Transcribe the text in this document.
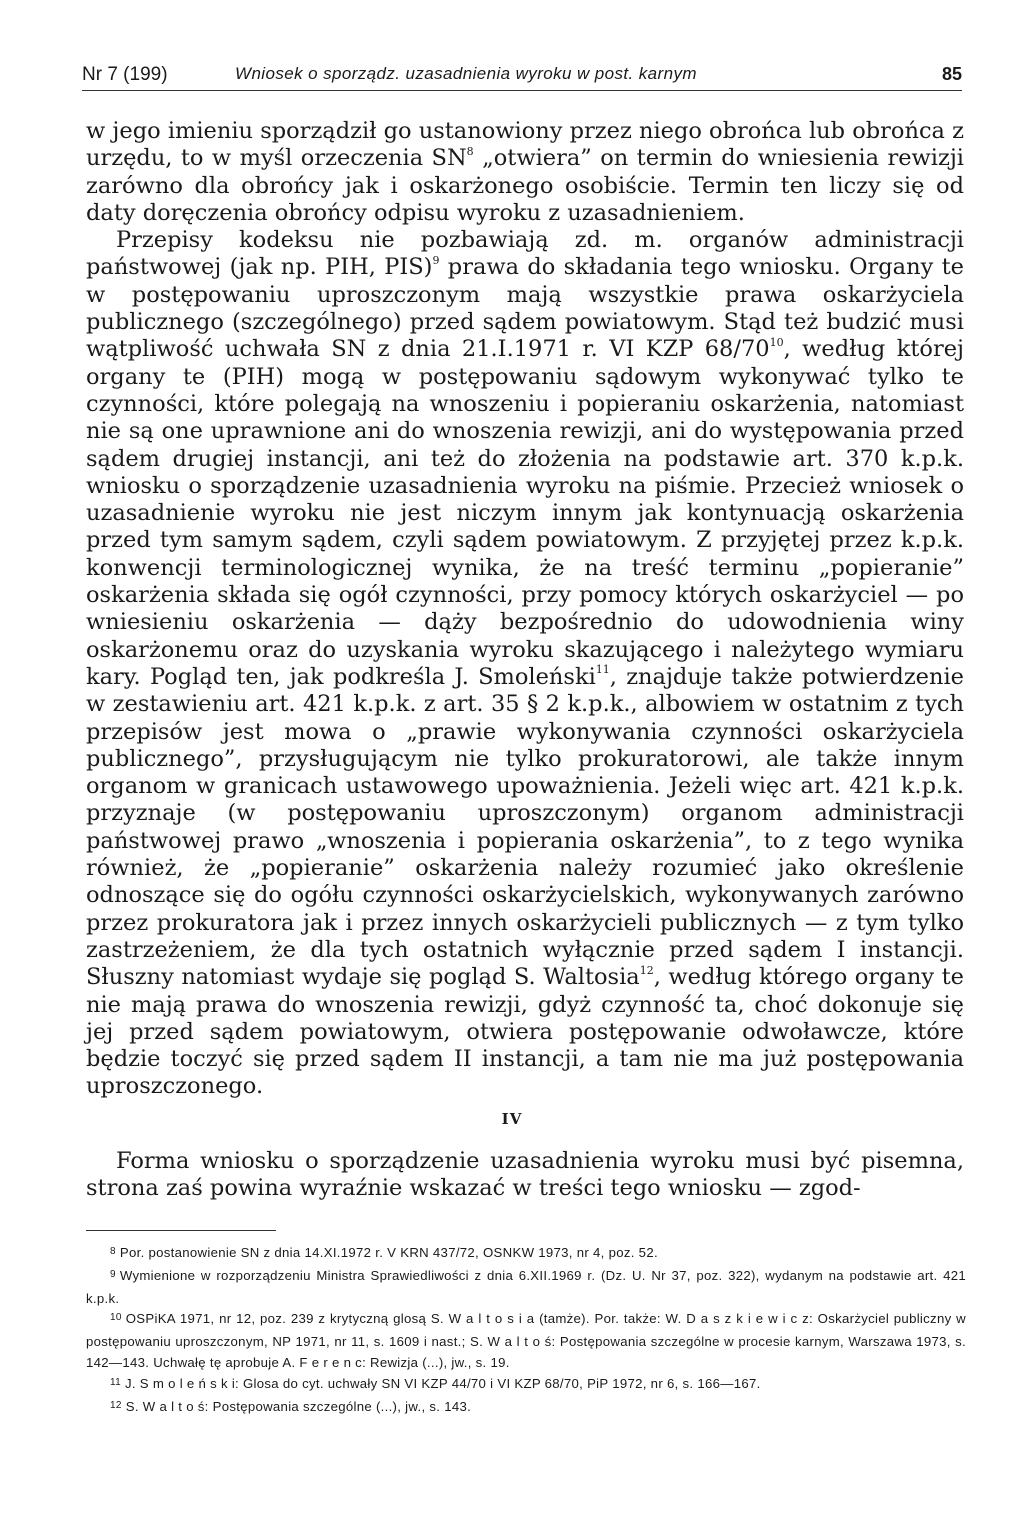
Nr 7 (199)	Wniosek o sporządz. uzasadnienia wyroku w post. karnym	85

w jego imieniu sporządził go ustanowiony przez niego obrońca lub obrońca z urzędu, to w myśl orzeczenia $SN^8$ „otwiera” on termin do wniesienia rewizji zarówno dla obrońcy jak i oskarżonego osobiście. Termin ten liczy się od daty doręczenia obrońcy odpisu wyroku z uzasadnieniem.

Przepisy kodeksu nie pozbawiają zd. m. organów administracji państwowej (jak np. PIH, PIS)$^9$ prawa do składania tego wniosku. Organy te w postępowaniu uproszczonym mają wszystkie prawa oskarżyciela publicznego (szczególnego) przed sądem powiatowym. Stąd też budzić musi wątpliwość uchwała SN z dnia 21.I.1971 r. VI KZP $68/70^{10}$, według której organy te (PIH) mogą w postępowaniu sądowym wykonywać tylko te czynności, które polegają na wnoszeniu i popieraniu oskarżenia, natomiast nie są one uprawnione ani do wnoszenia rewizji, ani do występowania przed sądem drugiej instancji, ani też do złożenia na podstawie art. 370 k.p.k. wniosku o sporządzenie uzasadnienia wyroku na piśmie. Przecież wniosek o uzasadnienie wyroku nie jest niczym innym jak kontynuacją oskarżenia przed tym samym sądem, czyli sądem powiatowym. Z przyjętej przez k.p.k. konwencji terminologicznej wynika, że na treść terminu „popieranie” oskarżenia składa się ogół czynności, przy pomocy których oskarżyciel — po wniesieniu oskarżenia — dąży bezpośrednio do udowodnienia winy oskarżonemu oraz do uzyskania wyroku skazującego i należytego wymiaru kary. Pogląd ten, jak podkreśla J. Smoleński$^{11}$, znajduje także potwierdzenie w zestawieniu art. 421 k.p.k. z art. 35 § 2 k.p.k., albowiem w ostatnim z tych przepisów jest mowa o „prawie wykonywania czynności oskarżyciela publicznego”, przysługującym nie tylko prokuratorowi, ale także innym organom w granicach ustawowego upoważnienia. Jeżeli więc art. 421 k.p.k. przyznaje (w postępowaniu uproszczonym) organom administracji państwowej prawo „wnoszenia i popierania oskarżenia”, to z tego wynika również, że „popieranie” oskarżenia należy rozumieć jako określenie odnoszące się do ogółu czynności oskarżycielskich, wykonywanych zarówno przez prokuratora jak i przez innych oskarżycieli publicznych — z tym tylko zastrzeżeniem, że dla tych ostatnich wyłącznie przed sądem I instancji. Słuszny natomiast wydaje się pogląd S. Waltosia$^{12}$, według którego organy te nie mają prawa do wnoszenia rewizji, gdyż czynność ta, choć dokonuje się jej przed sądem powiatowym, otwiera postępowanie odwoławcze, które będzie toczyć się przed sądem II instancji, a tam nie ma już postępowania uproszczonego.

IV

Forma wniosku o sporządzenie uzasadnienia wyroku musi być pisemna, strona zaś powina wyraźnie wskazać w treści tego wniosku — zgod-

$^8$ Por. postanowienie SN z dnia 14.XI.1972 r. V KRN 437/72, OSNKW 1973, nr 4, poz. 52.

$^9$ Wymienione w rozporządzeniu Ministra Sprawiedliwości z dnia 6.XII.1969 r. (Dz. U. Nr 37, poz. 322), wydanym na podstawie art. 421 k.p.k.

$^{10}$ OSPiKA 1971, nr 12, poz. 239 z krytyczną glosą S. W a l t o s i a (tamże). Por. także: W. D a s z k i e w i c z: Oskarżyciel publiczny w postępowaniu uproszczonym, NP 1971, nr 11, s. 1609 i nast.; S. W a l t o ś: Postępowania szczególne w procesie karnym, Warszawa 1973, s. 142—143. Uchwałę tę aprobuje A. F e r e n c: Rewizja (...), jw., s. 19.

$^{11}$ J. S m o l e ń s k i: Glosa do cyt. uchwały SN VI KZP 44/70 i VI KZP 68/70, PiP 1972, nr 6, s. 166—167.

$^{12}$ S. W a l t o ś: Postępowania szczególne (...), jw., s. 143.
